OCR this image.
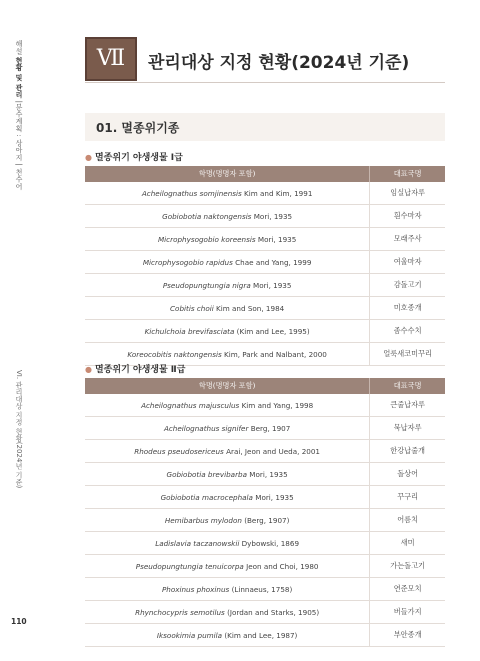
해설 현황 및 관리 |분수계획 : 상아지 | 천수어
VI. 관리대상 지정 현황(2024년 기준)
110
Ⅶ	관리대상 지정 현황(2024년 기준)
01. 멸종위기종
● 멸종위기 야생생물 Ⅰ급
학명(명명자 포함)	대표국명
Acheilognathus somjinensis Kim and Kim, 1991	임실납자루
Gobiobotia naktongensis Mori, 1935	흰수마자
Microphysogobio koreensis Mori, 1935	모래주사
Microphysogobio rapidus Chae and Yang, 1999	여울마자
Pseudopungtungia nigra Mori, 1935	감돌고기
Cobitis choii Kim and Son, 1984	미호종개
Kichulchoia brevifasciata (Kim and Lee, 1995)	좀수수치
Koreocobitis naktongensis Kim, Park and Nalbant, 2000	얼룩새코미꾸리
● 멸종위기 야생생물 Ⅱ급
학명(명명자 포함)	대표국명
Acheilognathus majusculus Kim and Yang, 1998	큰줄납자루
Acheilognathus signifer Berg, 1907	묵납자루
Rhodeus pseudosericeus Arai, Jeon and Ueda, 2001	한강납줄개
Gobiobotia brevibarba Mori, 1935	돌상어
Gobiobotia macrocephala Mori, 1935	꾸구리
Hemibarbus mylodon (Berg, 1907)	어름치
Ladislavia taczanowskii Dybowski, 1869	새미
Pseudopungtungia tenuicorpa Jeon and Choi, 1980	가는돌고기
Phoxinus phoxinus (Linnaeus, 1758)	연준모치
Rhynchocypris semotilus (Jordan and Starks, 1905)	버들가지
Iksookimia pumila (Kim and Lee, 1987)	부안종개
